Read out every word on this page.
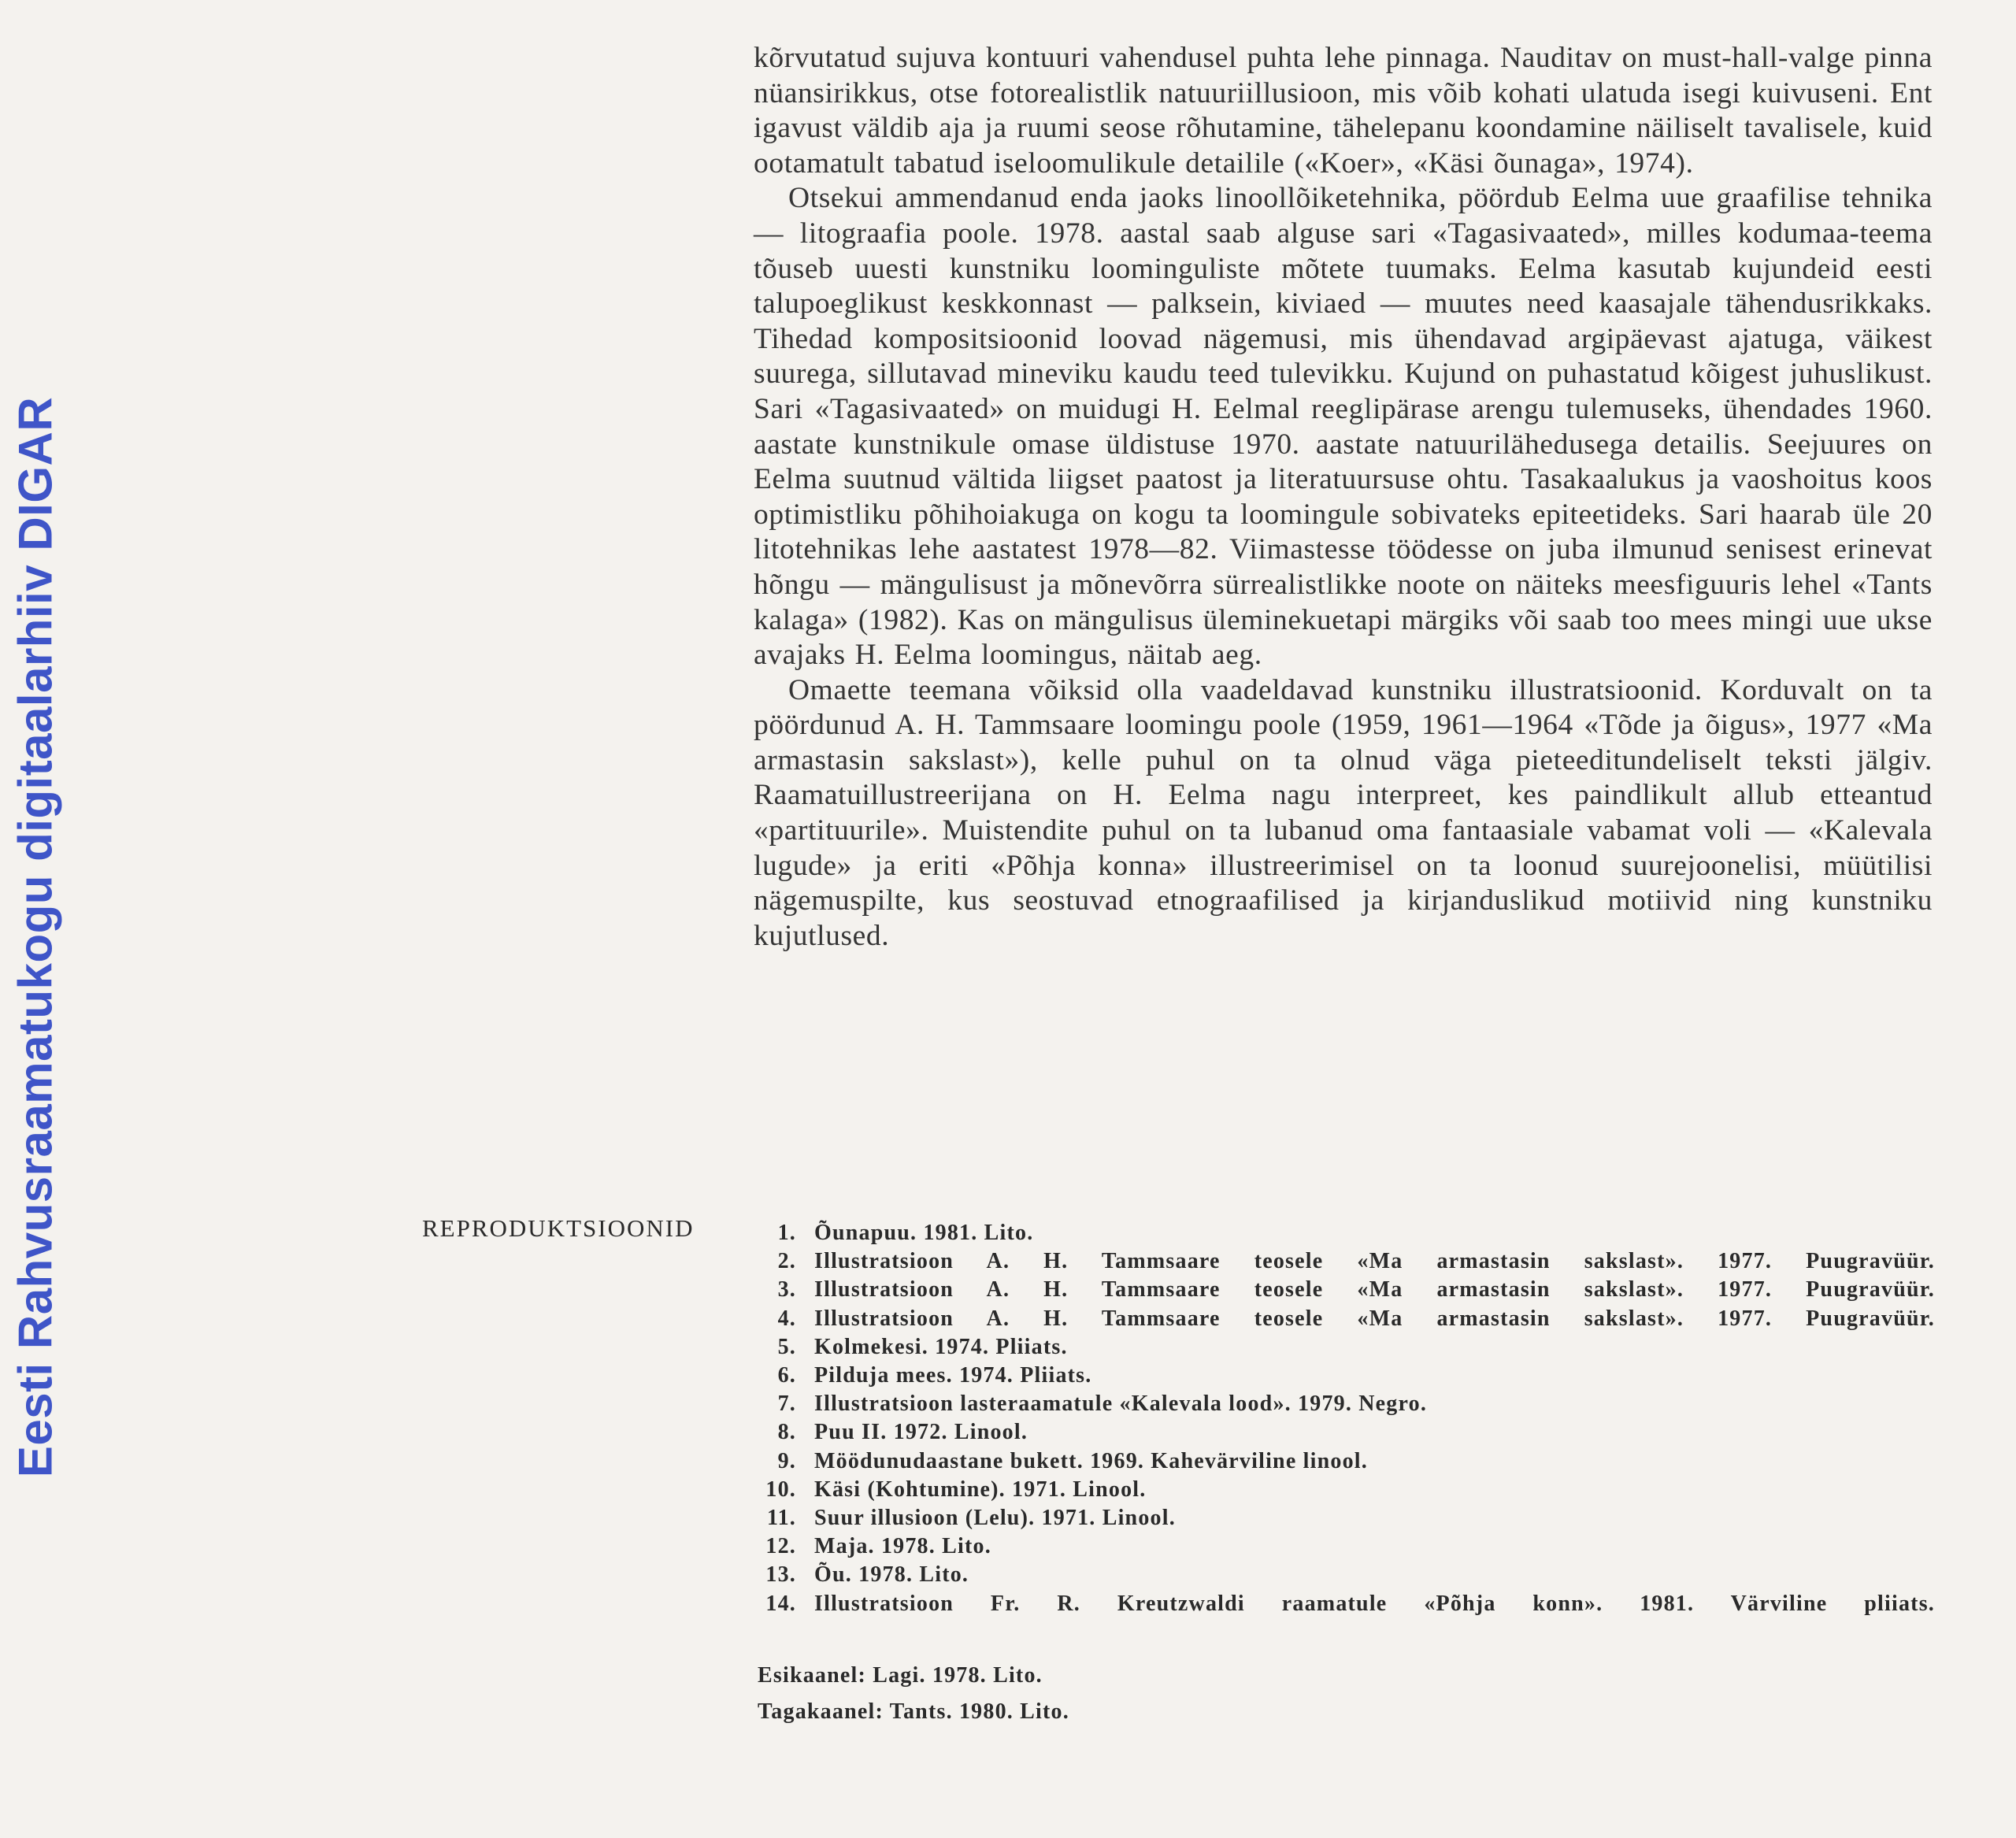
Eesti Rahvusraamatukogu digitaalarhiiv DIGAR

kõrvutatud sujuva kontuuri vahendusel puhta lehe pinnaga. Nauditav on must-hall-valge pinna nüansirikkus, otse fotorealistlik natuuriillusioon, mis võib kohati ulatuda isegi kuivuseni. Ent igavust väldib aja ja ruumi seose rõhutamine, tähelepanu koondamine näiliselt tavalisele, kuid ootamatult tabatud iseloomulikule detailile («Koer», «Käsi õunaga», 1974).

Otsekui ammendanud enda jaoks linoollõiketehnika, pöördub Eelma uue graafilise tehnika — litograafia poole. 1978. aastal saab alguse sari «Tagasivaated», milles kodumaa-teema tõuseb uuesti kunstniku loominguliste mõtete tuumaks. Eelma kasutab kujundeid eesti talupoeglikust keskkonnast — palksein, kiviaed — muutes need kaasajale tähendusrikkaks. Tihedad kompositsioonid loovad nägemusi, mis ühendavad argipäevast ajatuga, väikest suurega, sillutavad mineviku kaudu teed tulevikku. Kujund on puhastatud kõigest juhuslikust. Sari «Tagasivaated» on muidugi H. Eelmal reeglipärase arengu tulemuseks, ühendades 1960. aastate kunstnikule omase üldistuse 1970. aastate natuurilähedusega detailis. Seejuures on Eelma suutnud vältida liigset paatost ja literatuursuse ohtu. Tasakaalukus ja vaoshoitus koos optimistliku põhihoiakuga on kogu ta loomingule sobivateks epiteetideks. Sari haarab üle 20 litotehnikas lehe aastatest 1978—82. Viimastesse töödesse on juba ilmunud senisest erinevat hõngu — mängulisust ja mõnevõrra sürrealistlikke noote on näiteks meesfiguuris lehel «Tants kalaga» (1982). Kas on mängulisus üleminekuetapi märgiks või saab too mees mingi uue ukse avajaks H. Eelma loomingus, näitab aeg.

Omaette teemana võiksid olla vaadeldavad kunstniku illustratsioonid. Korduvalt on ta pöördunud A. H. Tammsaare loomingu poole (1959, 1961—1964 «Tõde ja õigus», 1977 «Ma armastasin sakslast»), kelle puhul on ta olnud väga pieteeditundeliselt teksti jälgiv. Raamatuillustreerijana on H. Eelma nagu interpreet, kes paindlikult allub etteantud «partituurile». Muistendite puhul on ta lubanud oma fantaasiale vabamat voli — «Kalevala lugude» ja eriti «Põhja konna» illustreerimisel on ta loonud suurejoonelisi, müütilisi nägemuspilte, kus seostuvad etnograafilised ja kirjanduslikud motiivid ning kunstniku kujutlused.

REPRODUKTSIOONID	1. Õunapuu. 1981. Lito.
2. Illustratsioon A. H. Tammsaare teosele «Ma armastasin sakslast». 1977. Puugravüür.
3. Illustratsioon A. H. Tammsaare teosele «Ma armastasin sakslast». 1977. Puugravüür.
4. Illustratsioon A. H. Tammsaare teosele «Ma armastasin sakslast». 1977. Puugravüür.
5. Kolmekesi. 1974. Pliiats.
6. Pilduja mees. 1974. Pliiats.
7. Illustratsioon lasteraamatule «Kalevala lood». 1979. Negro.
8. Puu II. 1972. Linool.
9. Möödunudaastane bukett. 1969. Kahevärviline linool.
10. Käsi (Kohtumine). 1971. Linool.
11. Suur illusioon (Lelu). 1971. Linool.
12. Maja. 1978. Lito.
13. Õu. 1978. Lito.
14. Illustratsioon Fr. R. Kreutzwaldi raamatule «Põhja konn». 1981. Värviline pliiats.
Esikaanel: Lagi. 1978. Lito.
Tagakaanel: Tants. 1980. Lito.
